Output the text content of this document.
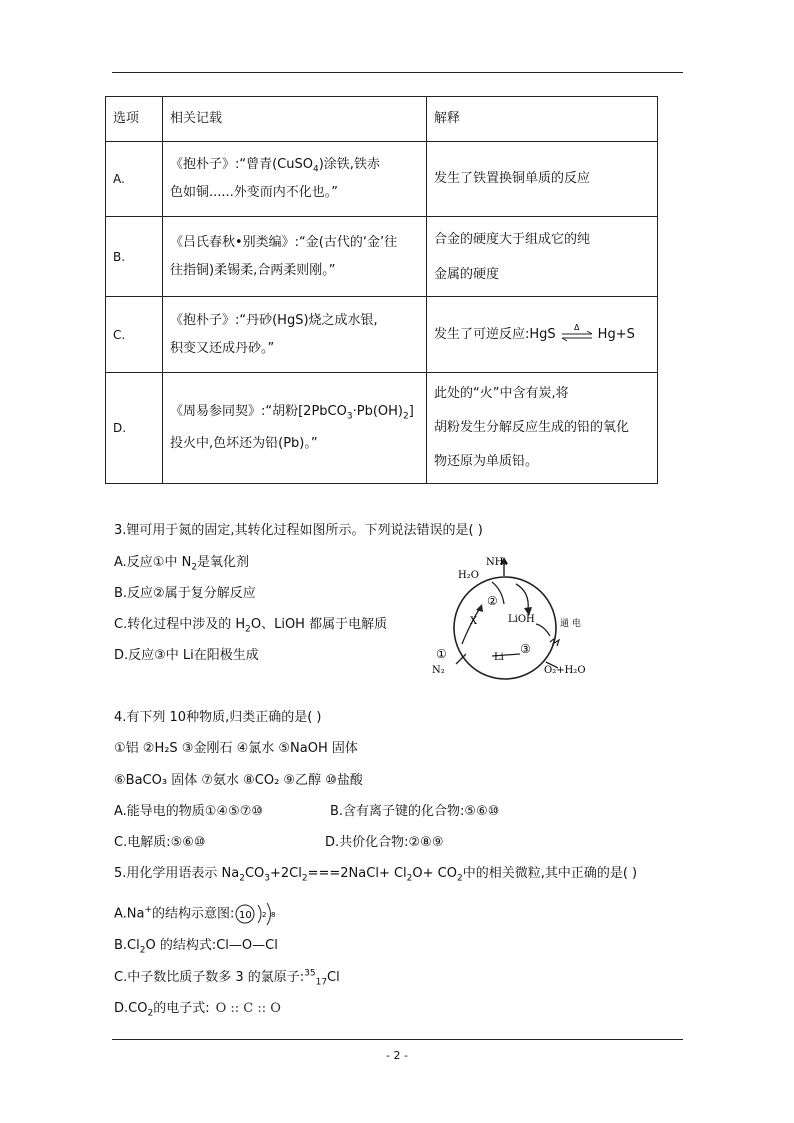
选项	相关记载	解释
A.	《抱朴子》:“曾青(CuSO$_4$)涂铁,铁赤
色如铜......外变而内不化也。”	发生了铁置换铜单质的反应
B.	《吕氏春秋•别类编》:“金(古代的‘金’往
往指铜)柔锡柔,合两柔则刚。”	合金的硬度大于组成它的纯
金属的硬度
C.	《抱朴子》:“丹砂(HgS)烧之成水银,
积变又还成丹砂。”	发生了可逆反应:HgS Δ Hg+S
D.	《周易参同契》:“胡粉$[2PbCO_3\cdot Pb(OH)_2]$
投火中,色坏还为铅(Pb)。”	此处的“火”中含有炭,将
胡粉发生分解反应生成的铅的氧化
物还原为单质铅。
3.锂可用于氮的固定,其转化过程如图所示。下列说法错误的是( )
A.反应①中 $N_2$是氧化剂
B.反应②属于复分解反应
C.转化过程中涉及的 $H_2O$、LiOH 都属于电解质
D.反应③中 Li在阳极生成
H₂O
NH₃
②
X	LiOH	通 电
①
N₂
Li
③
O₂+H₂O
4.有下列 10种物质,归类正确的是( )
①铝 ②H₂S ③金刚石 ④氯水 ⑤NaOH 固体
⑥BaCO₃ 固体 ⑦氨水 ⑧CO₂ ⑨乙醇 ⑩盐酸
A.能导电的物质①④⑤⑦⑩	B.含有离子键的化合物:⑤⑥⑩
C.电解质:⑤⑥⑩	D.共价化合物:②⑧⑨
5.用化学用语表示 $Na_2CO_3+2Cl_2===2NaCl+ Cl_2O+ CO_2$中的相关微粒,其中正确的是( )
A.Na+的结构示意图: 10 2 8
$B.Cl_2O$ 的结构式:Cl—O—Cl
C.中子数比质子数多 3 的氯原子:$^{35}_{17}$Cl
$D.CO_2$的电子式: O :: C :: O
- 2 -
